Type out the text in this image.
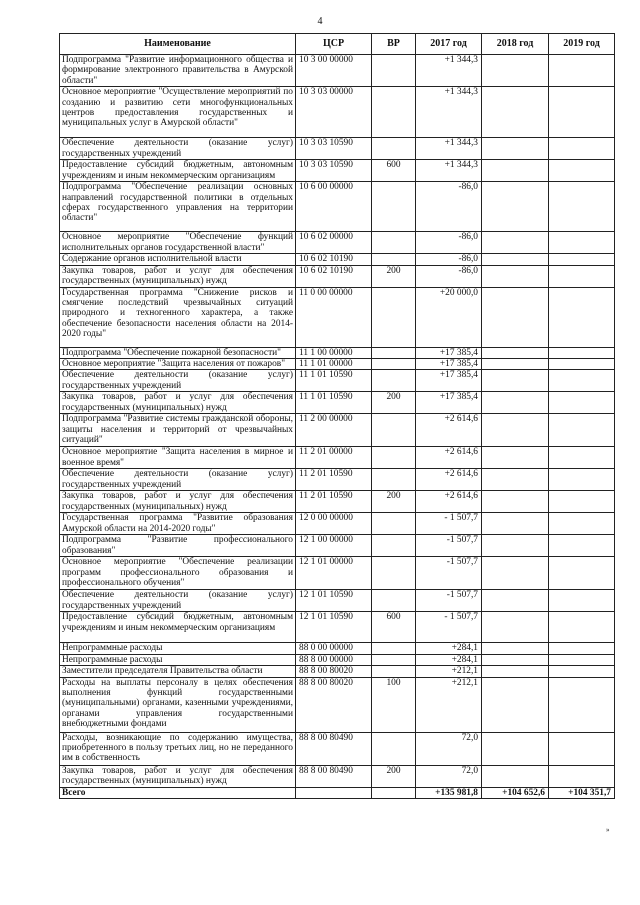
4
Наименование	ЦСР	ВР	2017 год	2018 год	2019 год
Подпрограмма "Развитие информационного общества и формирование электронного правительства в Амурской области"	10 3 00 00000		+1 344,3		
Основное мероприятие "Осуществление мероприятий по созданию и развитию сети многофункциональных центров предоставления государственных и муниципальных услуг в Амурской области"	10 3 03 00000		+1 344,3		
Обеспечение деятельности (оказание услуг) государственных учреждений	10 3 03 10590		+1 344,3		
Предоставление субсидий бюджетным, автономным учреждениям и иным некоммерческим организациям	10 3 03 10590	600	+1 344,3		
Подпрограмма "Обеспечение реализации основных направлений государственной политики в отдельных сферах государственного управления на территории области"	10 6 00 00000		-86,0		
Основное мероприятие "Обеспечение функций исполнительных органов государственной власти"	10 6 02 00000		-86,0		
Содержание органов исполнительной власти	10 6 02 10190		-86,0		
Закупка товаров, работ и услуг для обеспечения государственных (муниципальных) нужд	10 6 02 10190	200	-86,0		
Государственная программа "Снижение рисков и смягчение последствий чрезвычайных ситуаций природного и техногенного характера, а также обеспечение безопасности населения области на 2014-2020 годы"	11 0 00 00000		+20 000,0		
Подпрограмма "Обеспечение пожарной безопасности"	11 1 00 00000		+17 385,4		
Основное мероприятие "Защита населения от пожаров"	11 1 01 00000		+17 385,4		
Обеспечение деятельности (оказание услуг) государственных учреждений	11 1 01 10590		+17 385,4		
Закупка товаров, работ и услуг для обеспечения государственных (муниципальных) нужд	11 1 01 10590	200	+17 385,4		
Подпрограмма "Развитие системы гражданской обороны, защиты населения и территорий от чрезвычайных ситуаций"	11 2 00 00000		+2 614,6		
Основное мероприятие "Защита населения в мирное и военное время"	11 2 01 00000		+2 614,6		
Обеспечение деятельности (оказание услуг) государственных учреждений	11 2 01 10590		+2 614,6		
Закупка товаров, работ и услуг для обеспечения государственных (муниципальных) нужд	11 2 01 10590	200	+2 614,6		
Государственная программа "Развитие образования Амурской области на 2014-2020 годы"	12 0 00 00000		- 1 507,7		
Подпрограмма "Развитие профессионального образования"	12 1 00 00000		-1 507,7		
Основное мероприятие "Обеспечение реализации программ профессионального образования и профессионального обучения"	12 1 01 00000		-1 507,7		
Обеспечение деятельности (оказание услуг) государственных учреждений	12 1 01 10590		-1 507,7		
Предоставление субсидий бюджетным, автономным учреждениям и иным некоммерческим организациям	12 1 01 10590	600	- 1 507,7		
Непрограммные расходы	88 0 00 00000		+284,1		
Непрограммные расходы	88 8 00 00000		+284,1		
Заместители председателя Правительства области	88 8 00 80020		+212,1		
Расходы на выплаты персоналу в целях обеспечения выполнения функций государственными (муниципальными) органами, казенными учреждениями, органами управления государственными внебюджетными фондами	88 8 00 80020	100	+212,1		
Расходы, возникающие по содержанию имущества, приобретенного в пользу третьих лиц, но не переданного им в собственность	88 8 00 80490		72,0		
Закупка товаров, работ и услуг для обеспечения государственных (муниципальных) нужд	88 8 00 80490	200	72,0		
Всего			+135 981,8	+104 652,6	+104 351,7
»
